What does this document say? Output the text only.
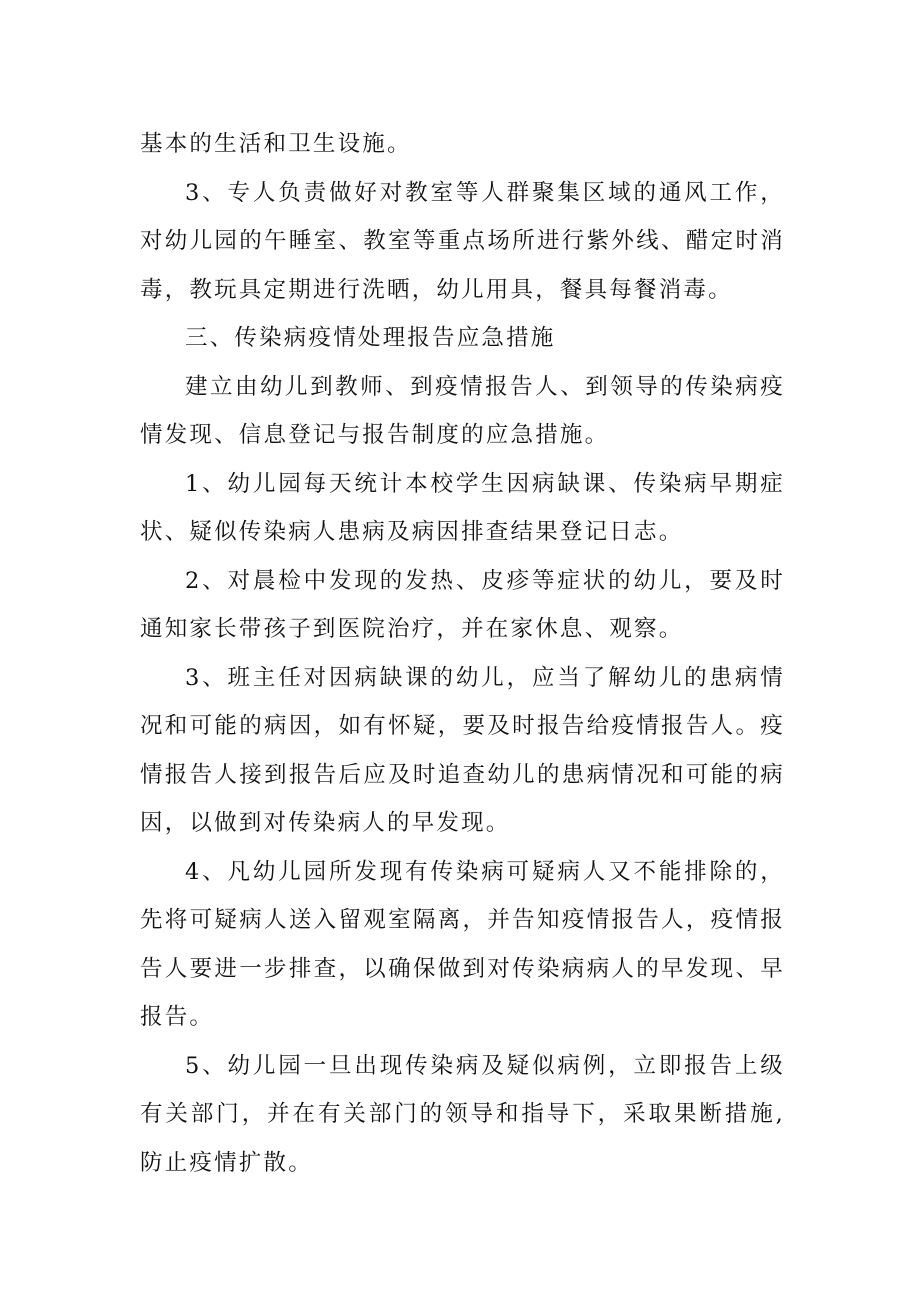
基本的生活和卫生设施。

3、专人负责做好对教室等人群聚集区域的通风工作，对幼儿园的午睡室、教室等重点场所进行紫外线、醋定时消毒，教玩具定期进行洗晒，幼儿用具，餐具每餐消毒。

三、传染病疫情处理报告应急措施

建立由幼儿到教师、到疫情报告人、到领导的传染病疫情发现、信息登记与报告制度的应急措施。

1、幼儿园每天统计本校学生因病缺课、传染病早期症状、疑似传染病人患病及病因排查结果登记日志。

2、对晨检中发现的发热、皮疹等症状的幼儿，要及时通知家长带孩子到医院治疗，并在家休息、观察。

3、班主任对因病缺课的幼儿，应当了解幼儿的患病情况和可能的病因，如有怀疑，要及时报告给疫情报告人。疫情报告人接到报告后应及时追查幼儿的患病情况和可能的病因，以做到对传染病人的早发现。

4、凡幼儿园所发现有传染病可疑病人又不能排除的，先将可疑病人送入留观室隔离，并告知疫情报告人，疫情报告人要进一步排查，以确保做到对传染病病人的早发现、早报告。

5、幼儿园一旦出现传染病及疑似病例，立即报告上级有关部门，并在有关部门的领导和指导下，采取果断措施,防止疫情扩散。
